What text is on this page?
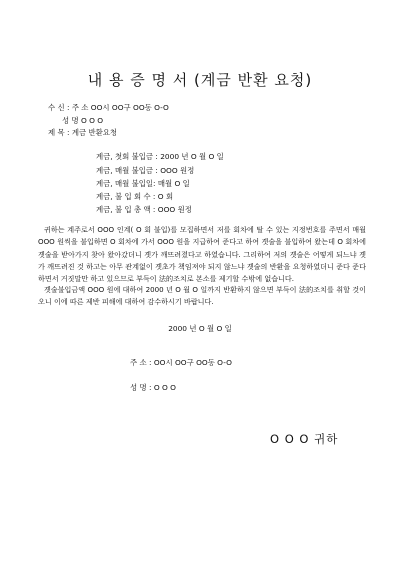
내 용 증 명 서 (계금 반환 요청)
수 신 : 주 소 OO시 OO구 OO동 O-O
성 명 O O O
제 목 : 계금 반환요청
계금, 첫회 불입금 : 2000 년 O 월 O 일
계금, 매월 불입금 : OOO 원정
계금, 매월 불입일: 매월 O 일
계금, 불 입 회 수 : O 회
계금, 불 입 총 액 : OOO 원정

귀하는 계주로서 OOO 인계( O 회 불입)를 모집하면서 저를 회차에 탈 수 있는 지정번호를 주면서 매월 OOO 원씩을 불입하면 O 회차에 가서 OOO 원을 지급하여 준다고 하여 곗술을 불입하여 왔는데 O 회차에 곗술을 받아가지 찾아 왔아갔더니 곗가 깨뜨려졌다고 하였습니다. 그리하여 저의 곗술은 어떻게 되느냐 곗가 깨뜨려진 것 하고는 아무 관계없이 곗초가 책임져야 되지 않느냐 곗술의 반환을 요청하였더니 준다 준다 하면서 거짓말만 하고 있으므로 부득이 法的조치로 본소를 제기할 수밖에 없습니다.

곗술불입금액 OOO 원에 대하여 2000 년 O 월 O 일까지 반환하지 않으면 부득이 法的조치를 취할 것이오니 이에 따른 제반 피해에 대하여 감수하시기 바랍니다.

2000 년 O 월 O 일
주 소 : OO시 OO구 OO동 O-O
성 명 : O O O
O O O 귀하
